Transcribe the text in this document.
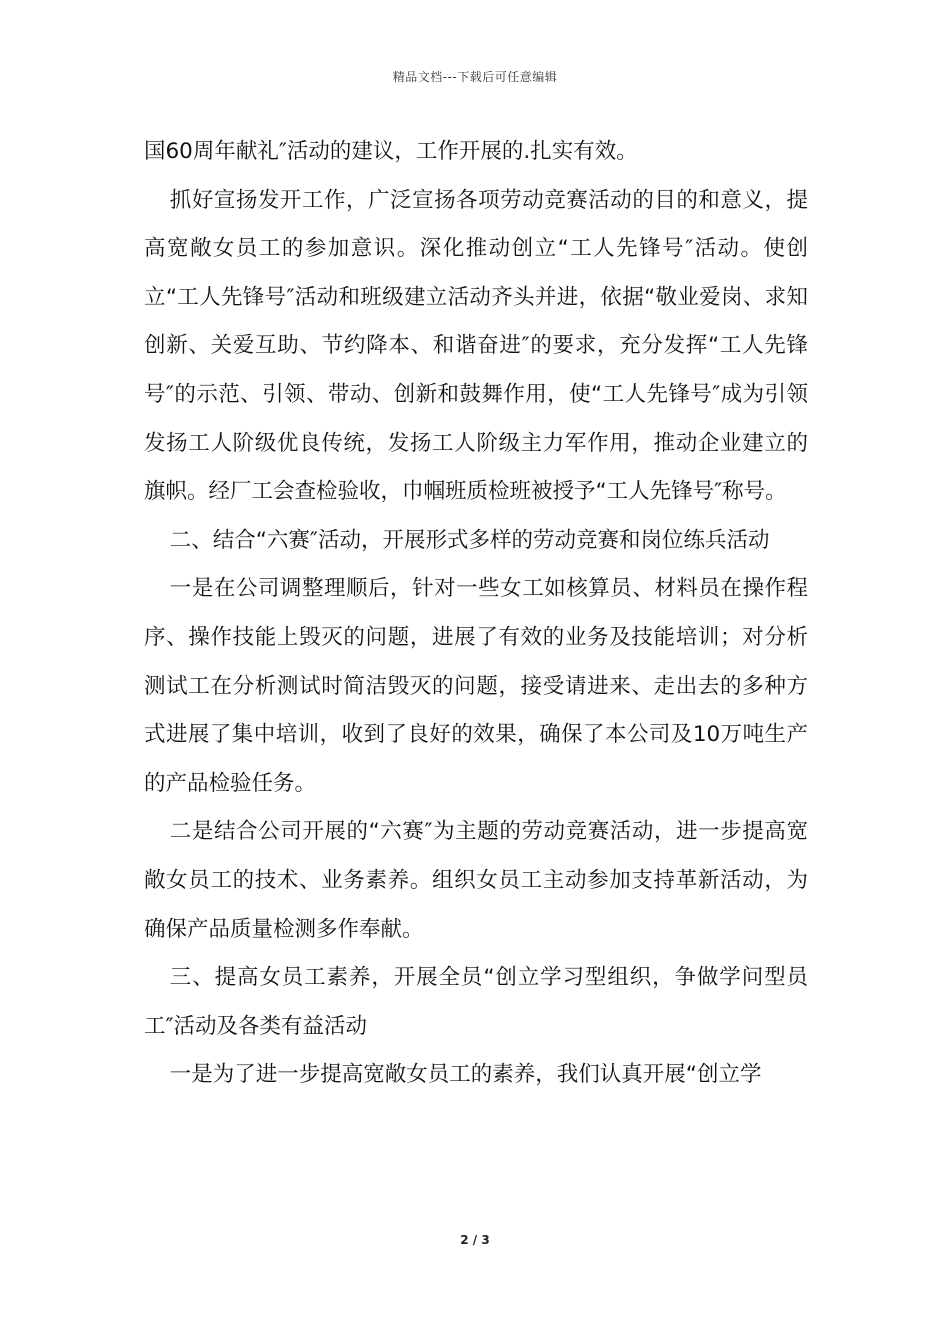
精品文档---下载后可任意编辑

国60周年献礼″活动的建议，工作开展的.扎实有效。

抓好宣扬发开工作，广泛宣扬各项劳动竞赛活动的目的和意义，提高宽敞女员工的参加意识。深化推动创立“工人先锋号″活动。使创立“工人先锋号″活动和班级建立活动齐头并进，依据“敬业爱岗、求知创新、关爱互助、节约降本、和谐奋进″的要求，充分发挥“工人先锋号″的示范、引领、带动、创新和鼓舞作用，使“工人先锋号″成为引领发扬工人阶级优良传统，发扬工人阶级主力军作用，推动企业建立的旗帜。经厂工会查检验收，巾帼班质检班被授予“工人先锋号″称号。

二、结合“六赛″活动，开展形式多样的劳动竞赛和岗位练兵活动

一是在公司调整理顺后，针对一些女工如核算员、材料员在操作程序、操作技能上毁灭的问题，进展了有效的业务及技能培训；对分析测试工在分析测试时简洁毁灭的问题，接受请进来、走出去的多种方式进展了集中培训，收到了良好的效果，确保了本公司及10万吨生产的产品检验任务。

二是结合公司开展的“六赛″为主题的劳动竞赛活动，进一步提高宽敞女员工的技术、业务素养。组织女员工主动参加支持革新活动，为确保产品质量检测多作奉献。

三、提高女员工素养，开展全员“创立学习型组织，争做学问型员工″活动及各类有益活动

一是为了进一步提高宽敞女员工的素养，我们认真开展“创立学

2 / 3
